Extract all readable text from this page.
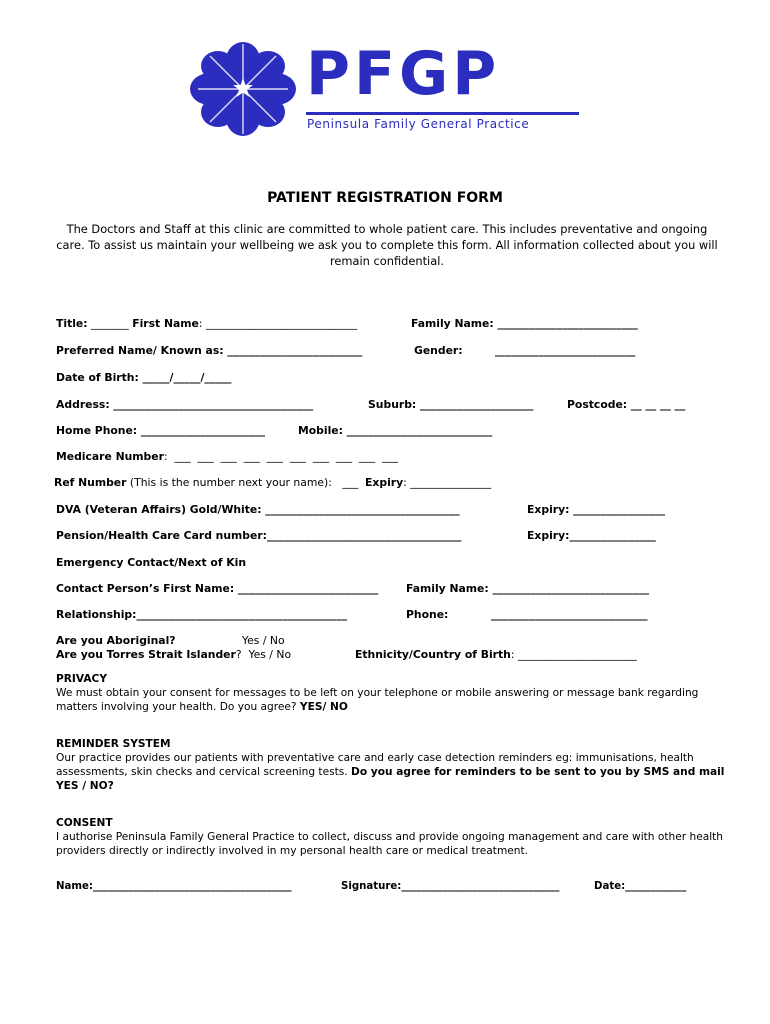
PFGP
Peninsula Family General Practice
PATIENT REGISTRATION FORM
The Doctors and Staff at this clinic are committed to whole patient care. This includes preventative and ongoing care. To assist us maintain your wellbeing we ask you to complete this form. All information collected about you will remain confidential.
Title: _______ First Name: ____________________________	Family Name: __________________________
Preferred Name/ Known as: _________________________	Gender:	__________________________
Date of Birth: _____/_____/_____
Address: _____________________________________	Suburb: _____________________	Postcode: __ __ __ __
Home Phone: _______________________	Mobile: ___________________________
Medicare Number:  ___  ___  ___  ___  ___  ___  ___  ___  ___  ___
Ref Number (This is the number next your name):   ___ Expiry: _______________
DVA (Veteran Affairs) Gold/White: ____________________________________	Expiry: _________________
Pension/Health Care Card number:____________________________________	Expiry:________________
Emergency Contact/Next of Kin
Contact Person’s First Name: __________________________	Family Name: _____________________________
Relationship:_______________________________________	Phone:	_____________________________
Are you Aboriginal?	Yes / No
Are you Torres Strait Islander?  Yes / No	Ethnicity/Country of Birth: ______________________
PRIVACY
We must obtain your consent for messages to be left on your telephone or mobile answering or message bank regarding matters involving your health. Do you agree? YES/ NO
REMINDER SYSTEM
Our practice provides our patients with preventative care and early case detection reminders eg: immunisations, health assessments, skin checks and cervical screening tests. Do you agree for reminders to be sent to you by SMS and mail YES / NO?
CONSENT
I authorise Peninsula Family General Practice to collect, discuss and provide ongoing management and care with other health providers directly or indirectly involved in my personal health care or medical treatment.
Name:_______________________________________	Signature:_______________________________	Date:____________
